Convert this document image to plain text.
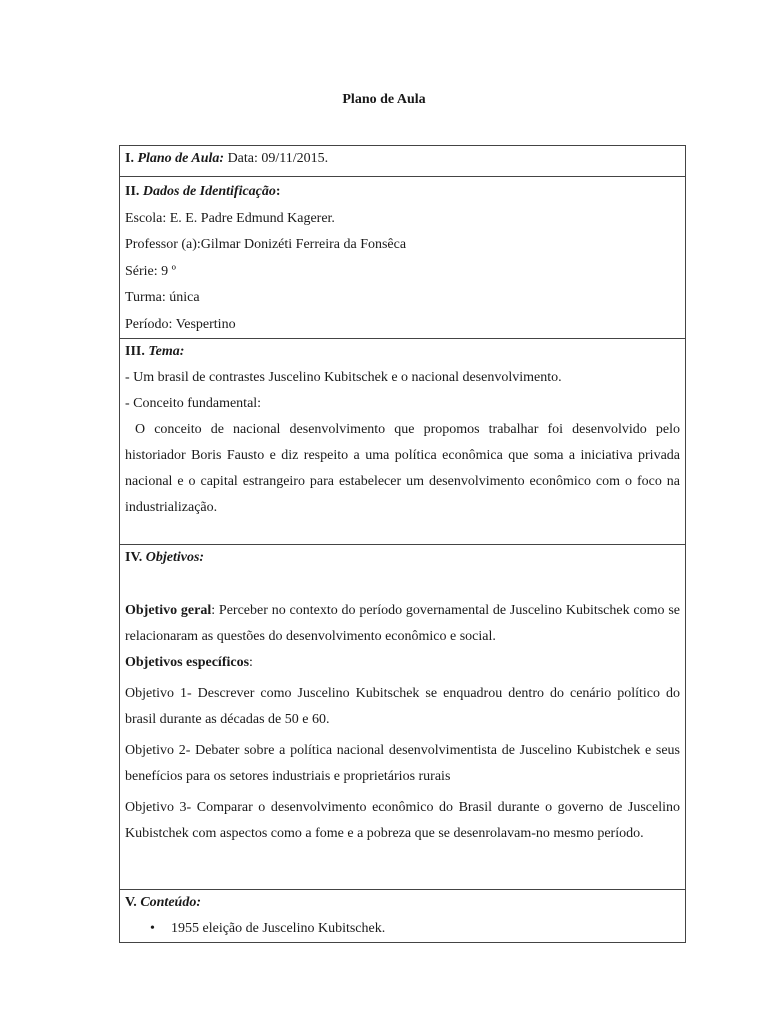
Plano de Aula
I. Plano de Aula: Data: 09/11/2015.

II. Dados de Identificação:

Escola: E. E. Padre Edmund Kagerer.

Professor (a):Gilmar Donizéti Ferreira da Fonsêca

Série: 9 º

Turma: única

Período: Vespertino

III. Tema:

- Um brasil de contrastes Juscelino Kubitschek e o nacional desenvolvimento.

- Conceito fundamental:

O conceito de nacional desenvolvimento que propomos trabalhar foi desenvolvido pelo historiador Boris Fausto e diz respeito a uma política econômica que soma a iniciativa privada nacional e o capital estrangeiro para estabelecer um desenvolvimento econômico com o foco na industrialização.

IV. Objetivos:

Objetivo geral: Perceber no contexto do período governamental de Juscelino Kubitschek como se relacionaram as questões do desenvolvimento econômico e social.

Objetivos específicos:

Objetivo 1- Descrever como Juscelino Kubitschek se enquadrou dentro do cenário político do brasil durante as décadas de 50 e 60.

Objetivo 2- Debater sobre a política nacional desenvolvimentista de Juscelino Kubistchek e seus benefícios para os setores industriais e proprietários rurais

Objetivo 3- Comparar o desenvolvimento econômico do Brasil durante o governo de Juscelino Kubistchek com aspectos como a fome e a pobreza que se desenrolavam-no mesmo período.

V. Conteúdo:

• 1955 eleição de Juscelino Kubitschek.
